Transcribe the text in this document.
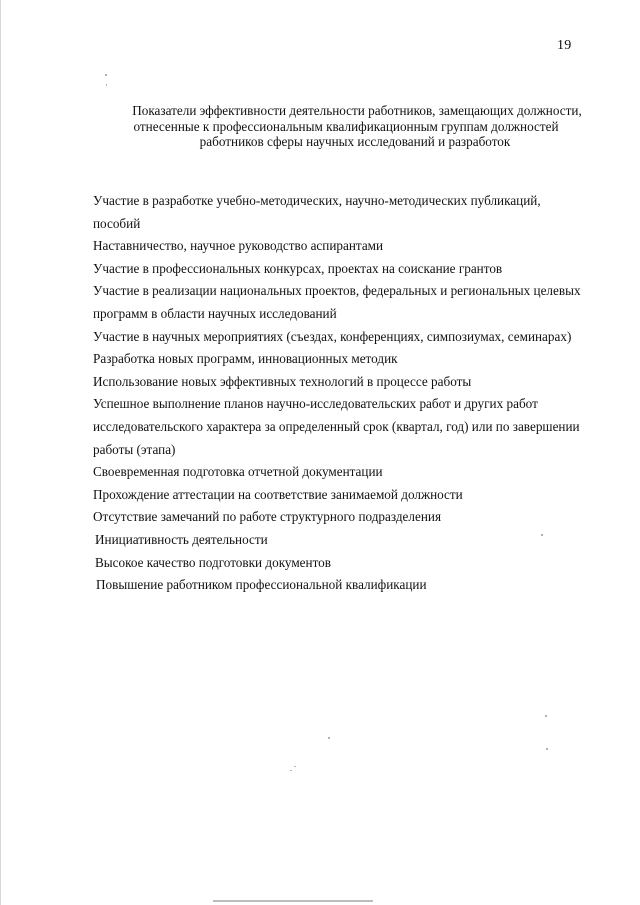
19
Показатели эффективности деятельности работников, замещающих должности,
отнесенные к профессиональным квалификационным группам должностей
работников сферы научных исследований и разработок
Участие в разработке учебно-методических, научно-методических публикаций,
пособий
Наставничество, научное руководство аспирантами
Участие в профессиональных конкурсах, проектах на соискание грантов
Участие в реализации национальных проектов, федеральных и региональных целевых
программ в области научных исследований
Участие в научных мероприятиях (съездах, конференциях, симпозиумах, семинарах)
Разработка новых программ, инновационных методик
Использование новых эффективных технологий в процессе работы
Успешное выполнение планов научно-исследовательских работ и других работ
исследовательского характера за определенный срок (квартал, год) или по завершении
работы (этапа)
Своевременная подготовка отчетной документации
Прохождение аттестации на соответствие занимаемой должности
Отсутствие замечаний по работе структурного подразделения
Инициативность деятельности
Высокое качество подготовки документов
Повышение работником профессиональной квалификации
